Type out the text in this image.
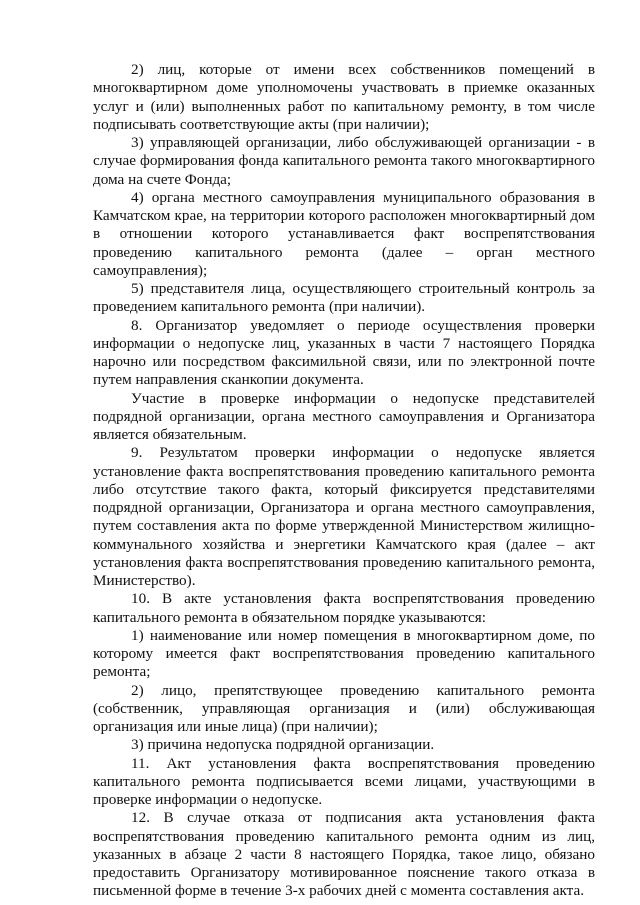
2) лиц, которые от имени всех собственников помещений в многоквартирном доме уполномочены участвовать в приемке оказанных услуг и (или) выполненных работ по капитальному ремонту, в том числе подписывать соответствующие акты (при наличии);

3) управляющей организации, либо обслуживающей организации - в случае формирования фонда капитального ремонта такого многоквартирного дома на счете Фонда;

4) органа местного самоуправления муниципального образования в Камчатском крае, на территории которого расположен многоквартирный дом в отношении которого устанавливается факт воспрепятствования проведению капитального ремонта (далее – орган местного самоуправления);

5) представителя лица, осуществляющего строительный контроль за проведением капитального ремонта (при наличии).

8. Организатор уведомляет о периоде осуществления проверки информации о недопуске лиц, указанных в части 7 настоящего Порядка нарочно или посредством факсимильной связи, или по электронной почте путем направления сканкопии документа.

Участие в проверке информации о недопуске представителей подрядной организации, органа местного самоуправления и Организатора является обязательным.

9. Результатом проверки информации о недопуске является установление факта воспрепятствования проведению капитального ремонта либо отсутствие такого факта, который фиксируется представителями подрядной организации, Организатора и органа местного самоуправления, путем составления акта по форме утвержденной Министерством жилищно-коммунального хозяйства и энергетики Камчатского края (далее – акт установления факта воспрепятствования проведению капитального ремонта, Министерство).

10. В акте установления факта воспрепятствования проведению капитального ремонта в обязательном порядке указываются:

1) наименование или номер помещения в многоквартирном доме, по которому имеется факт воспрепятствования проведению капитального ремонта;

2) лицо, препятствующее проведению капитального ремонта (собственник, управляющая организация и (или) обслуживающая организация или иные лица) (при наличии);

3) причина недопуска подрядной организации.

11. Акт установления факта воспрепятствования проведению капитального ремонта подписывается всеми лицами, участвующими в проверке информации о недопуске.

12. В случае отказа от подписания акта установления факта воспрепятствования проведению капитального ремонта одним из лиц, указанных в абзаце 2 части 8 настоящего Порядка, такое лицо, обязано предоставить Организатору мотивированное пояснение такого отказа в письменной форме в течение 3-х рабочих дней с момента составления акта.
